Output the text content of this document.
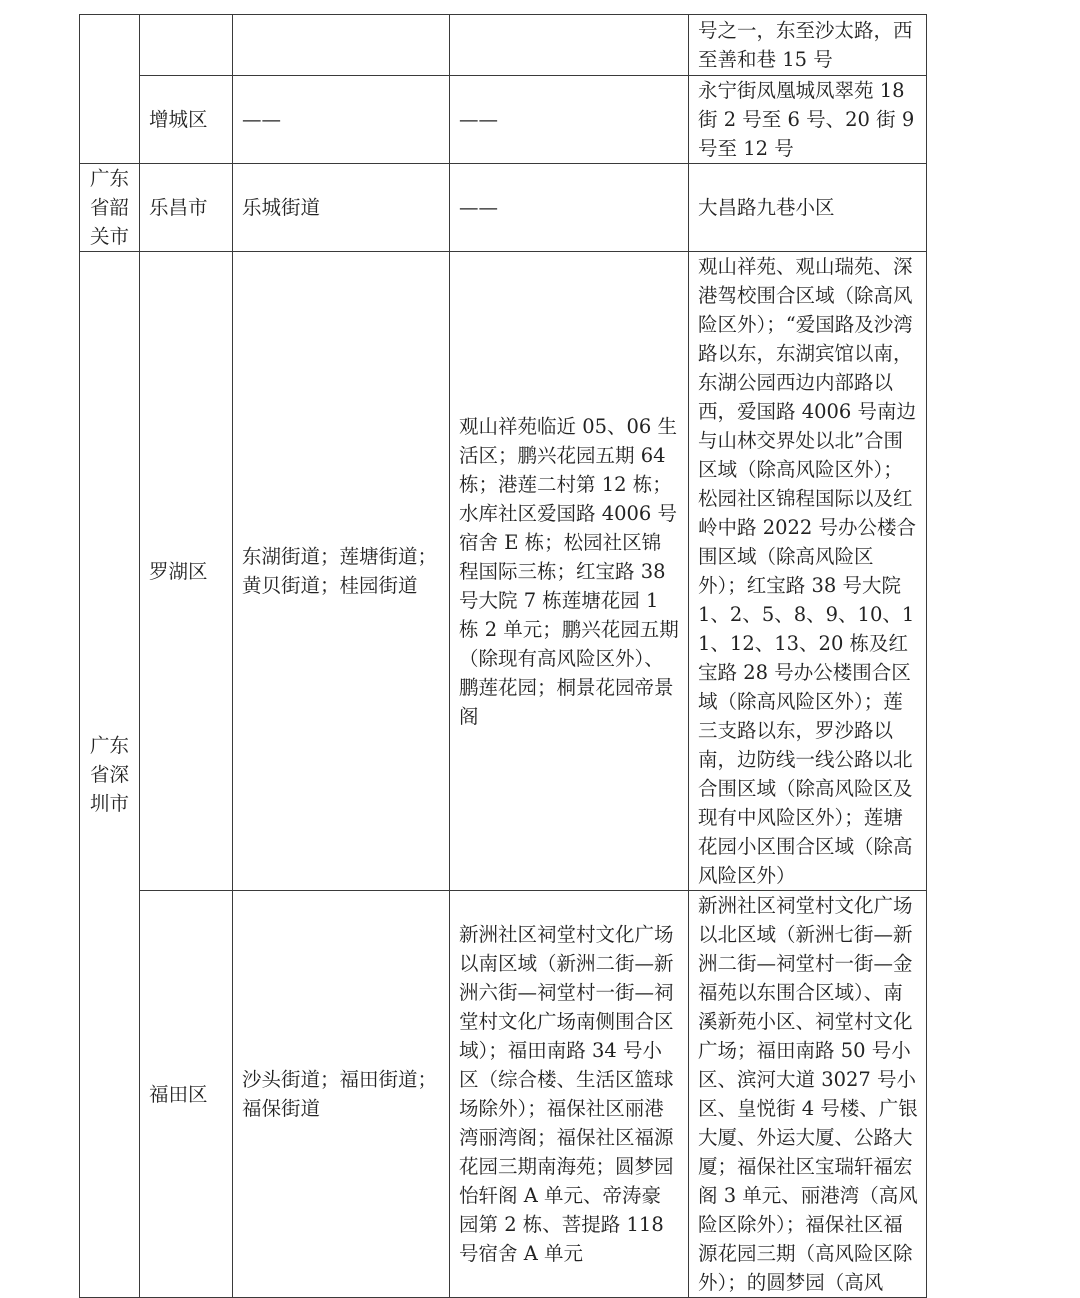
				号之一，东至沙太路，西至善和巷 15 号
	增城区	——	——	永宁街凤凰城凤翠苑 18 街 2 号至 6 号、20 街 9 号至 12 号
广东省韶关市	乐昌市	乐城街道	——	大昌路九巷小区
广东省深圳市	罗湖区	东湖街道；莲塘街道；黄贝街道；桂园街道	观山祥苑临近 05、06 生活区；鹏兴花园五期 64 栋；港莲二村第 12 栋；水库社区爱国路 4006 号宿舍 E 栋；松园社区锦程国际三栋；红宝路 38 号大院 7 栋莲塘花园 1 栋 2 单元；鹏兴花园五期（除现有高风险区外）、鹏莲花园；桐景花园帝景阁	观山祥苑、观山瑞苑、深港驾校围合区域（除高风险区外）；“爱国路及沙湾路以东，东湖宾馆以南，东湖公园西边内部路以西，爱国路 4006 号南边与山林交界处以北”合围区域（除高风险区外）；松园社区锦程国际以及红岭中路 2022 号办公楼合围区域（除高风险区外）；红宝路 38 号大院 1、2、5、8、9、10、11、12、13、20 栋及红宝路 28 号办公楼围合区域（除高风险区外）；莲三支路以东，罗沙路以南，边防线一线公路以北合围区域（除高风险区及现有中风险区外）；莲塘花园小区围合区域（除高风险区外）
	福田区	沙头街道；福田街道；福保街道	新洲社区祠堂村文化广场以南区域（新洲二街—新洲六街—祠堂村一街—祠堂村文化广场南侧围合区域）；福田南路 34 号小区（综合楼、生活区篮球场除外）；福保社区丽港湾丽湾阁；福保社区福源花园三期南海苑；圆梦园怡轩阁 A 单元、帝涛豪园第 2 栋、菩提路 118 号宿舍 A 单元	新洲社区祠堂村文化广场以北区域（新洲七街—新洲二街—祠堂村一街—金福苑以东围合区域）、南溪新苑小区、祠堂村文化广场；福田南路 50 号小区、滨河大道 3027 号小区、皇悦街 4 号楼、广银大厦、外运大厦、公路大厦；福保社区宝瑞轩福宏阁 3 单元、丽港湾（高风险区除外）；福保社区福源花园三期（高风险区除外）；的圆梦园（高风
